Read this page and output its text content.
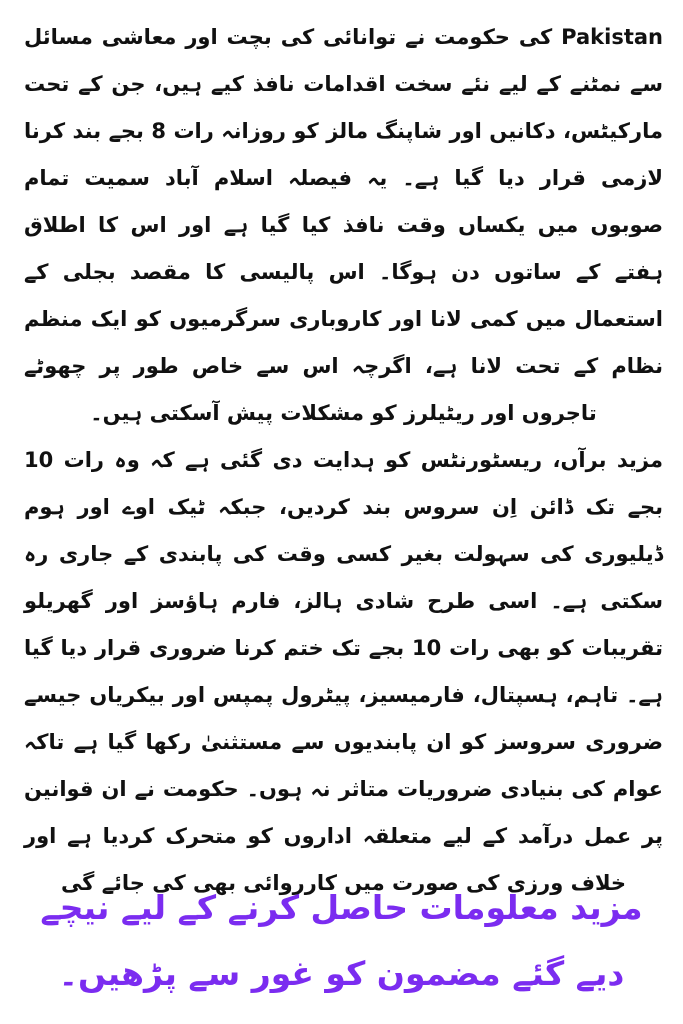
Pakistan کی حکومت نے توانائی کی بچت اور معاشی مسائل سے نمٹنے کے لیے نئے سخت اقدامات نافذ کیے ہیں، جن کے تحت مارکیٹس، دکانیں اور شاپنگ مالز کو روزانہ رات 8 بجے بند کرنا لازمی قرار دیا گیا ہے۔ یہ فیصلہ اسلام آباد سمیت تمام صوبوں میں یکساں وقت نافذ کیا گیا ہے اور اس کا اطلاق ہفتے کے ساتوں دن ہوگا۔ اس پالیسی کا مقصد بجلی کے استعمال میں کمی لانا اور کاروباری سرگرمیوں کو ایک منظم نظام کے تحت لانا ہے، اگرچہ اس سے خاص طور پر چھوٹے تاجروں اور ریٹیلرز کو مشکلات پیش آسکتی ہیں۔

مزید برآں، ریسٹورنٹس کو ہدایت دی گئی ہے کہ وہ رات 10 بجے تک ڈائن اِن سروس بند کردیں، جبکہ ٹیک اوے اور ہوم ڈیلیوری کی سہولت بغیر کسی وقت کی پابندی کے جاری رہ سکتی ہے۔ اسی طرح شادی ہالز، فارم ہاؤسز اور گھریلو تقریبات کو بھی رات 10 بجے تک ختم کرنا ضروری قرار دیا گیا ہے۔ تاہم، ہسپتال، فارمیسیز، پیٹرول پمپس اور بیکریاں جیسے ضروری سروسز کو ان پابندیوں سے مستثنیٰ رکھا گیا ہے تاکہ عوام کی بنیادی ضروریات متاثر نہ ہوں۔ حکومت نے ان قوانین پر عمل درآمد کے لیے متعلقہ اداروں کو متحرک کردیا ہے اور خلاف ورزی کی صورت میں کارروائی بھی کی جائے گی

مزید معلومات حاصل کرنے کے لیے نیچے

دیے گئے مضمون کو غور سے پڑھیں۔
